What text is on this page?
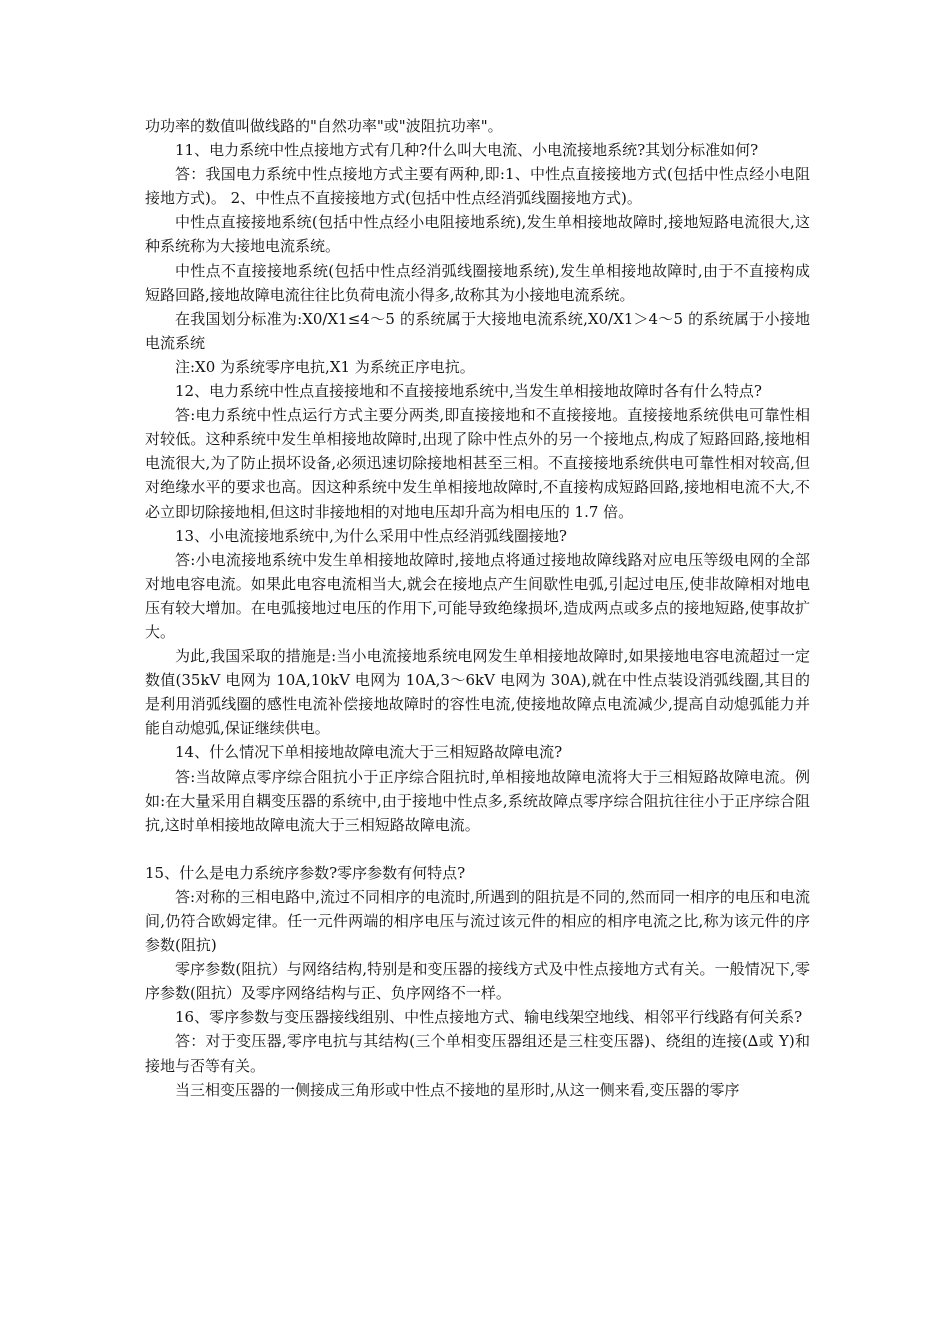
功功率的数值叫做线路的"自然功率"或"波阻抗功率"。

11、电力系统中性点接地方式有几种?什么叫大电流、小电流接地系统?其划分标准如何?

答：我国电力系统中性点接地方式主要有两种,即:1、中性点直接接地方式(包括中性点经小电阻接地方式)。 2、中性点不直接接地方式(包括中性点经消弧线圈接地方式)。

中性点直接接地系统(包括中性点经小电阻接地系统),发生单相接地故障时,接地短路电流很大,这种系统称为大接地电流系统。

中性点不直接接地系统(包括中性点经消弧线圈接地系统),发生单相接地故障时,由于不直接构成短路回路,接地故障电流往往比负荷电流小得多,故称其为小接地电流系统。

在我国划分标准为:X0/X1≤4～5 的系统属于大接地电流系统,X0/X1＞4～5 的系统属于小接地电流系统

注:X0 为系统零序电抗,X1 为系统正序电抗。

12、电力系统中性点直接接地和不直接接地系统中,当发生单相接地故障时各有什么特点?

答:电力系统中性点运行方式主要分两类,即直接接地和不直接接地。直接接地系统供电可靠性相对较低。这种系统中发生单相接地故障时,出现了除中性点外的另一个接地点,构成了短路回路,接地相电流很大,为了防止损坏设备,必须迅速切除接地相甚至三相。不直接接地系统供电可靠性相对较高,但对绝缘水平的要求也高。因这种系统中发生单相接地故障时,不直接构成短路回路,接地相电流不大,不必立即切除接地相,但这时非接地相的对地电压却升高为相电压的 1.7 倍。

13、小电流接地系统中,为什么采用中性点经消弧线圈接地?

答:小电流接地系统中发生单相接地故障时,接地点将通过接地故障线路对应电压等级电网的全部对地电容电流。如果此电容电流相当大,就会在接地点产生间歇性电弧,引起过电压,使非故障相对地电压有较大增加。在电弧接地过电压的作用下,可能导致绝缘损坏,造成两点或多点的接地短路,使事故扩大。

为此,我国采取的措施是:当小电流接地系统电网发生单相接地故障时,如果接地电容电流超过一定数值(35kV 电网为 10A,10kV 电网为 10A,3～6kV 电网为 30A),就在中性点装设消弧线圈,其目的是利用消弧线圈的感性电流补偿接地故障时的容性电流,使接地故障点电流减少,提高自动熄弧能力并能自动熄弧,保证继续供电。

14、什么情况下单相接地故障电流大于三相短路故障电流?

答:当故障点零序综合阻抗小于正序综合阻抗时,单相接地故障电流将大于三相短路故障电流。例如:在大量采用自耦变压器的系统中,由于接地中性点多,系统故障点零序综合阻抗往往小于正序综合阻抗,这时单相接地故障电流大于三相短路故障电流。

15、什么是电力系统序参数?零序参数有何特点?

答:对称的三相电路中,流过不同相序的电流时,所遇到的阻抗是不同的,然而同一相序的电压和电流间,仍符合欧姆定律。任一元件两端的相序电压与流过该元件的相应的相序电流之比,称为该元件的序参数(阻抗)

零序参数(阻抗）与网络结构,特别是和变压器的接线方式及中性点接地方式有关。一般情况下,零序参数(阻抗）及零序网络结构与正、负序网络不一样。

16、零序参数与变压器接线组别、中性点接地方式、输电线架空地线、相邻平行线路有何关系?

答：对于变压器,零序电抗与其结构(三个单相变压器组还是三柱变压器)、绕组的连接(∆或 Y)和接地与否等有关。

当三相变压器的一侧接成三角形或中性点不接地的星形时,从这一侧来看,变压器的零序
